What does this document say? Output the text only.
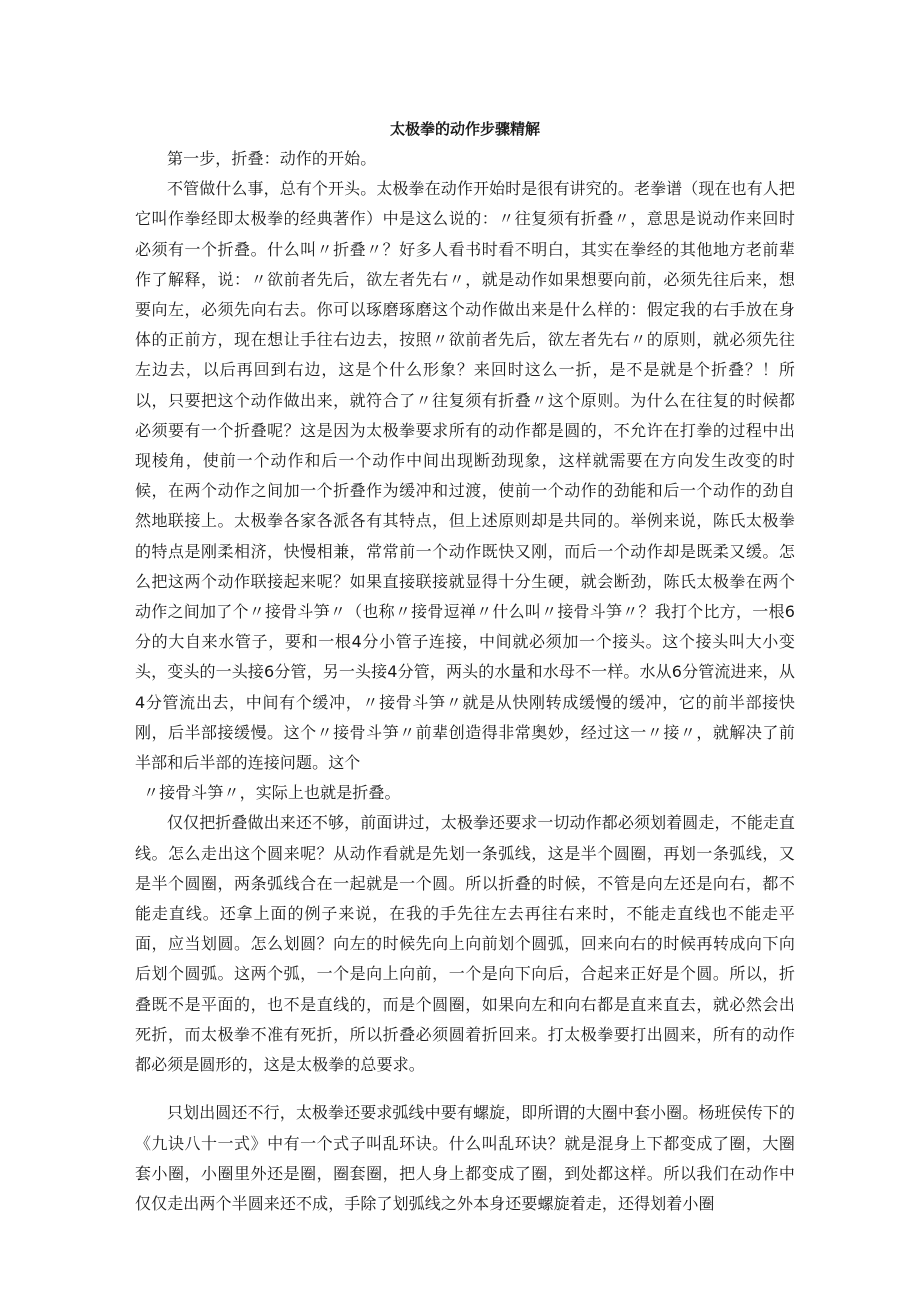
太极拳的动作步骤精解

第一步，折叠：动作的开始。

不管做什么事，总有个开头。太极拳在动作开始时是很有讲究的。老拳谱（现在也有人把它叫作拳经即太极拳的经典著作）中是这么说的：〃往复须有折叠〃，意思是说动作来回时必须有一个折叠。什么叫〃折叠〃？好多人看书时看不明白，其实在拳经的其他地方老前辈作了解释，说：〃欲前者先后，欲左者先右〃，就是动作如果想要向前，必须先往后来，想要向左，必须先向右去。你可以琢磨琢磨这个动作做出来是什么样的：假定我的右手放在身体的正前方，现在想让手往右边去，按照〃欲前者先后，欲左者先右〃的原则，就必须先往左边去，以后再回到右边，这是个什么形象？来回时这么一折，是不是就是个折叠？！所以，只要把这个动作做出来，就符合了〃往复须有折叠〃这个原则。为什么在往复的时候都必须要有一个折叠呢？这是因为太极拳要求所有的动作都是圆的，不允许在打拳的过程中出现棱角，使前一个动作和后一个动作中间出现断劲现象，这样就需要在方向发生改变的时候，在两个动作之间加一个折叠作为缓冲和过渡，使前一个动作的劲能和后一个动作的劲自然地联接上。太极拳各家各派各有其特点，但上述原则却是共同的。举例来说，陈氏太极拳的特点是刚柔相济，快慢相兼，常常前一个动作既快又刚，而后一个动作却是既柔又缓。怎么把这两个动作联接起来呢？如果直接联接就显得十分生硬，就会断劲，陈氏太极拳在两个动作之间加了个〃接骨斗笋〃（也称〃接骨逗禅〃什么叫〃接骨斗笋〃？我打个比方，一根6分的大自来水管子，要和一根4分小管子连接，中间就必须加一个接头。这个接头叫大小变头，变头的一头接6分管，另一头接4分管，两头的水量和水母不一样。水从6分管流进来，从4分管流出去，中间有个缓冲，〃接骨斗笋〃就是从快刚转成缓慢的缓冲，它的前半部接快刚，后半部接缓慢。这个〃接骨斗笋〃前辈创造得非常奥妙，经过这一〃接〃，就解决了前半部和后半部的连接问题。这个

〃接骨斗笋〃，实际上也就是折叠。

仅仅把折叠做出来还不够，前面讲过，太极拳还要求一切动作都必须划着圆走，不能走直线。怎么走出这个圆来呢？从动作看就是先划一条弧线，这是半个圆圈，再划一条弧线，又是半个圆圈，两条弧线合在一起就是一个圆。所以折叠的时候，不管是向左还是向右，都不能走直线。还拿上面的例子来说，在我的手先往左去再往右来时，不能走直线也不能走平面，应当划圆。怎么划圆？向左的时候先向上向前划个圆弧，回来向右的时候再转成向下向后划个圆弧。这两个弧，一个是向上向前，一个是向下向后，合起来正好是个圆。所以，折叠既不是平面的，也不是直线的，而是个圆圈，如果向左和向右都是直来直去，就必然会出死折，而太极拳不准有死折，所以折叠必须圆着折回来。打太极拳要打出圆来，所有的动作都必须是圆形的，这是太极拳的总要求。

只划出圆还不行，太极拳还要求弧线中要有螺旋，即所谓的大圈中套小圈。杨班侯传下的《九诀八十一式》中有一个式子叫乱环诀。什么叫乱环诀？就是混身上下都变成了圈，大圈套小圈，小圈里外还是圈，圈套圈，把人身上都变成了圈，到处都这样。所以我们在动作中仅仅走出两个半圆来还不成，手除了划弧线之外本身还要螺旋着走，还得划着小圈
